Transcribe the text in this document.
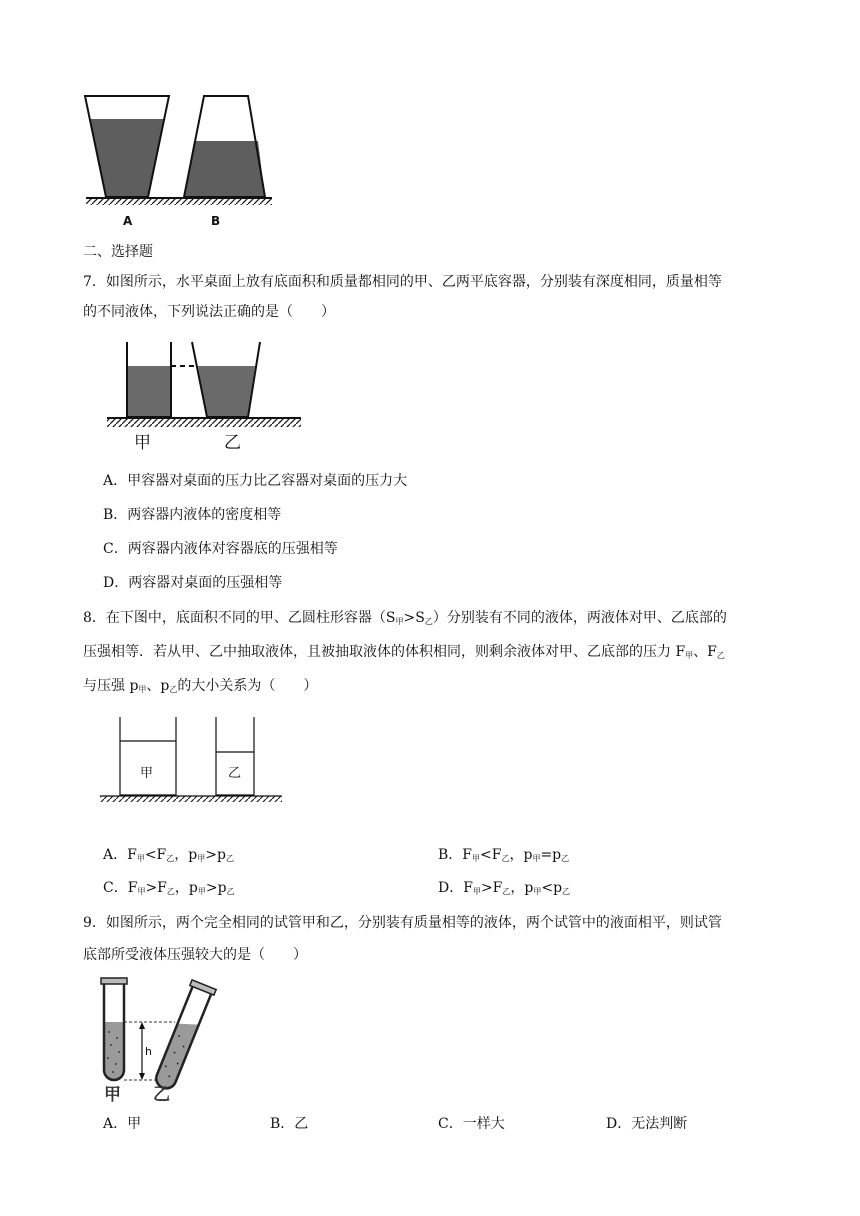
A	B
二、选择题
7．如图所示，水平桌面上放有底面积和质量都相同的甲、乙两平底容器，分别装有深度相同，质量相等
的不同液体，下列说法正确的是（　　）
甲	乙
A．甲容器对桌面的压力比乙容器对桌面的压力大
B．两容器内液体的密度相等
C．两容器内液体对容器底的压强相等
D．两容器对桌面的压强相等
8．在下图中，底面积不同的甲、乙圆柱形容器$(S_甲>S_乙)$分别装有不同的液体，两液体对甲、乙底部的
压强相等．若从甲、乙中抽取液体，且被抽取液体的体积相同，则剩余液体对甲、乙底部的压力 $F_甲$、$F_乙$
与压强 $p_甲$、$p_乙$的大小关系为（　　）
甲	乙
A．$F_甲<F_乙$，$p_甲>p_乙$	B．$F_甲<F_乙$，$p_甲=p_乙$
C．$F_甲>F_乙$，$p_甲>p_乙$	D．$F_甲>F_乙$，$p_甲<p_乙$
9．如图所示，两个完全相同的试管甲和乙，分别装有质量相等的液体，两个试管中的液面相平，则试管
底部所受液体压强较大的是（　　）
h
甲 乙
A．甲	B．乙	C．一样大	D．无法判断
